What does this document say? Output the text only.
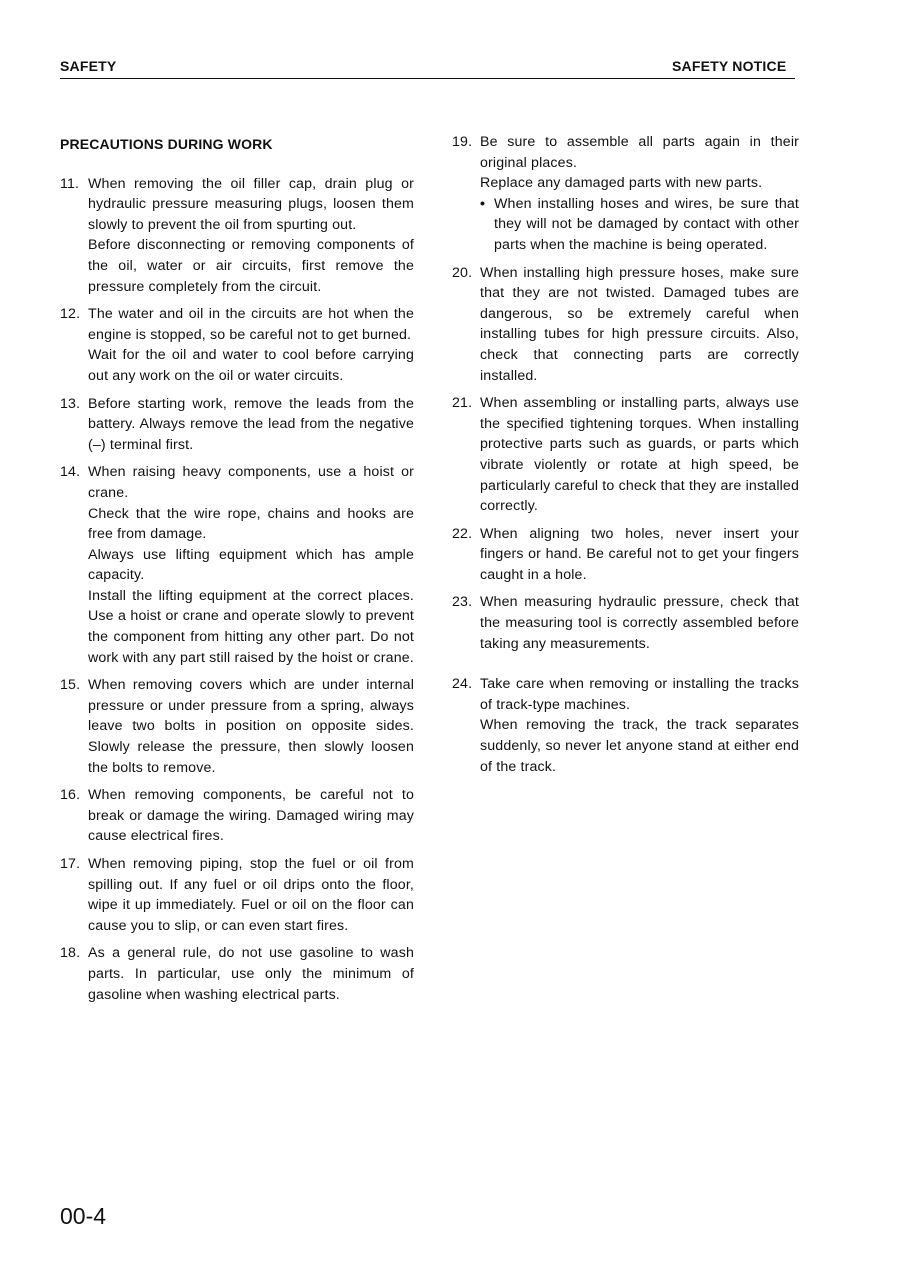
SAFETY	SAFETY NOTICE
PRECAUTIONS DURING WORK
11. When removing the oil filler cap, drain plug or hydraulic pressure measuring plugs, loosen them slowly to prevent the oil from spurting out.
Before disconnecting or removing components of the oil, water or air circuits, first remove the pressure completely from the circuit.
12. The water and oil in the circuits are hot when the engine is stopped, so be careful not to get burned.
Wait for the oil and water to cool before carrying out any work on the oil or water circuits.
13. Before starting work, remove the leads from the battery. Always remove the lead from the negative (–) terminal first.
14. When raising heavy components, use a hoist or crane.
Check that the wire rope, chains and hooks are free from damage.
Always use lifting equipment which has ample capacity.
Install the lifting equipment at the correct places. Use a hoist or crane and operate slowly to prevent the component from hitting any other part. Do not work with any part still raised by the hoist or crane.
15. When removing covers which are under internal pressure or under pressure from a spring, always leave two bolts in position on opposite sides. Slowly release the pressure, then slowly loosen the bolts to remove.
16. When removing components, be careful not to break or damage the wiring. Damaged wiring may cause electrical fires.
17. When removing piping, stop the fuel or oil from spilling out. If any fuel or oil drips onto the floor, wipe it up immediately. Fuel or oil on the floor can cause you to slip, or can even start fires.
18. As a general rule, do not use gasoline to wash parts. In particular, use only the minimum of gasoline when washing electrical parts.
19. Be sure to assemble all parts again in their original places.
Replace any damaged parts with new parts.
• When installing hoses and wires, be sure that they will not be damaged by contact with other parts when the machine is being operated.
20. When installing high pressure hoses, make sure that they are not twisted. Damaged tubes are dangerous, so be extremely careful when installing tubes for high pressure circuits. Also, check that connecting parts are correctly installed.
21. When assembling or installing parts, always use the specified tightening torques. When installing protective parts such as guards, or parts which vibrate violently or rotate at high speed, be particularly careful to check that they are installed correctly.
22. When aligning two holes, never insert your fingers or hand. Be careful not to get your fingers caught in a hole.
23. When measuring hydraulic pressure, check that the measuring tool is correctly assembled before taking any measurements.
24. Take care when removing or installing the tracks of track-type machines.
When removing the track, the track separates suddenly, so never let anyone stand at either end of the track.
00-4
